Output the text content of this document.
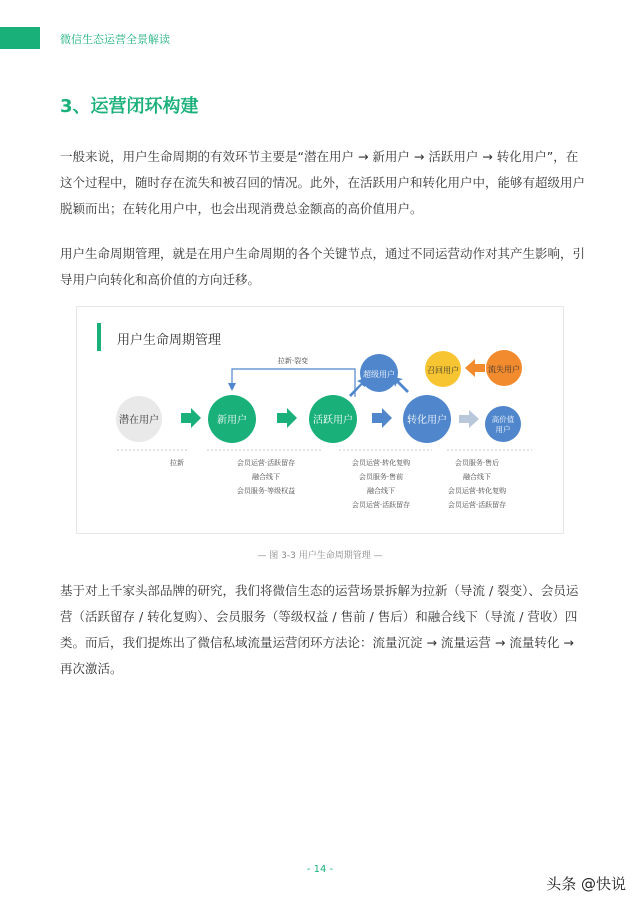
微信生态运营全景解读
3、运营闭环构建
一般来说，用户生命周期的有效环节主要是“潜在用户 → 新用户 → 活跃用户 → 转化用户”，在这个过程中，随时存在流失和被召回的情况。此外，在活跃用户和转化用户中，能够有超级用户脱颖而出；在转化用户中，也会出现消费总金额高的高价值用户。
用户生命周期管理，就是在用户生命周期的各个关键节点，通过不同运营动作对其产生影响，引导用户向转化和高价值的方向迁移。
用户生命周期管理
拉新·裂变
潜在用户	新用户	活跃用户	转化用户
超级用户	召回用户	流失用户
高价值
用户
拉新	会员运营·活跃留存
融合线下
会员服务·等级权益
会员运营·转化复购
会员服务·售前
融合线下
会员运营·活跃留存
会员服务·售后
融合线下
会员运营·转化复购
会员运营·活跃留存
— 图 3-3 用户生命周期管理 —
基于对上千家头部品牌的研究，我们将微信生态的运营场景拆解为拉新（导流 / 裂变）、会员运营（活跃留存 / 转化复购）、会员服务（等级权益 / 售前 / 售后）和融合线下（导流 / 营收）四类。而后，我们提炼出了微信私域流量运营闭环方法论：流量沉淀 → 流量运营 → 流量转化 → 再次激活。
- 14 -
头条 @快说
